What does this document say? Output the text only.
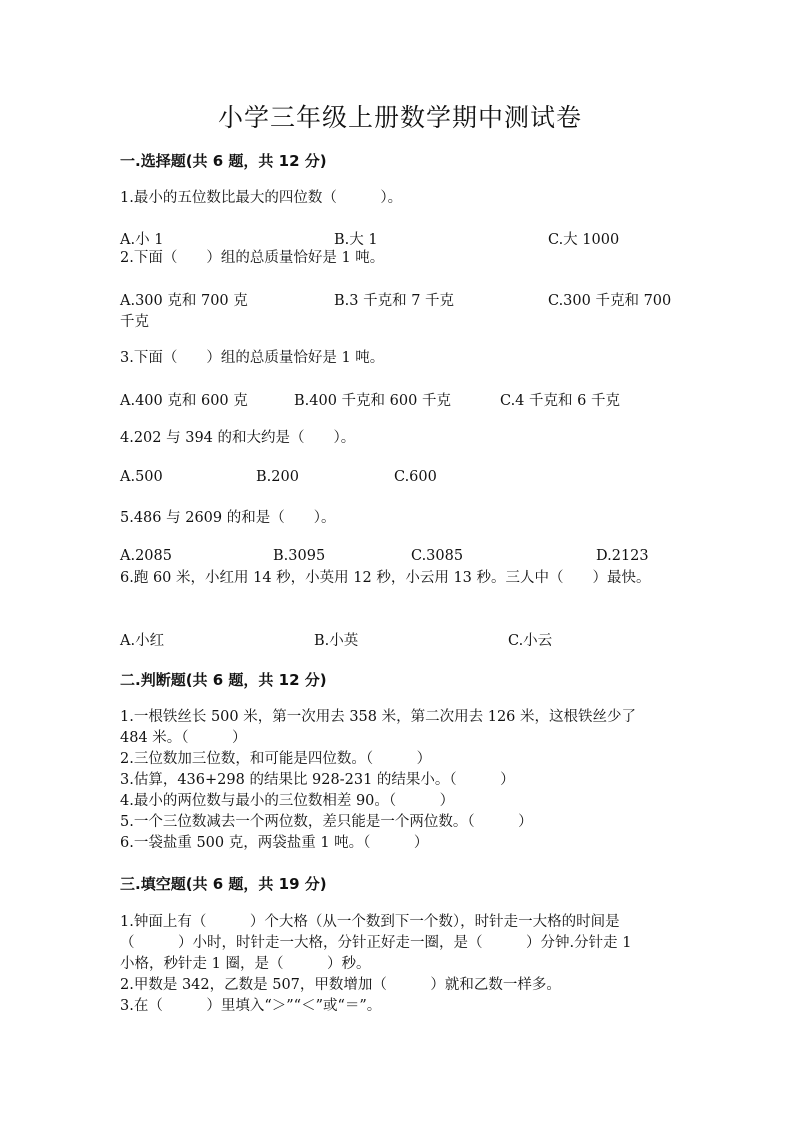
小学三年级上册数学期中测试卷
一.选择题(共 6 题，共 12 分)
1.最小的五位数比最大的四位数（　　　）。
A.小 1	B.大 1	C.大 1000
2.下面（　　）组的总质量恰好是 1 吨。
A.300 克和 700 克	B.3 千克和 7 千克	C.300 千克和 700
千克
3.下面（　　）组的总质量恰好是 1 吨。
A.400 克和 600 克	B.400 千克和 600 千克	C.4 千克和 6 千克
4.202 与 394 的和大约是（　　）。
A.500	B.200	C.600
5.486 与 2609 的和是（　　）。
A.2085	B.3095	C.3085	D.2123
6.跑 60 米，小红用 14 秒，小英用 12 秒，小云用 13 秒。三人中（　　）最快。
A.小红	B.小英	C.小云
二.判断题(共 6 题，共 12 分)
1.一根铁丝长 500 米，第一次用去 358 米，第二次用去 126 米，这根铁丝少了
484 米。（　　　）
2.三位数加三位数，和可能是四位数。（　　　）
3.估算，436+298 的结果比 928-231 的结果小。（　　　）
4.最小的两位数与最小的三位数相差 90。（　　　）
5.一个三位数减去一个两位数，差只能是一个两位数。（　　　）
6.一袋盐重 500 克，两袋盐重 1 吨。（　　　）
三.填空题(共 6 题，共 19 分)
1.钟面上有（　　　）个大格（从一个数到下一个数），时针走一大格的时间是
（　　　）小时，时针走一大格，分针正好走一圈，是（　　　）分钟.分针走 1
小格，秒针走 1 圈，是（　　　）秒。
2.甲数是 342，乙数是 507，甲数增加（　　　）就和乙数一样多。
3.在（　　　）里填入“＞”“＜”或“＝”。
